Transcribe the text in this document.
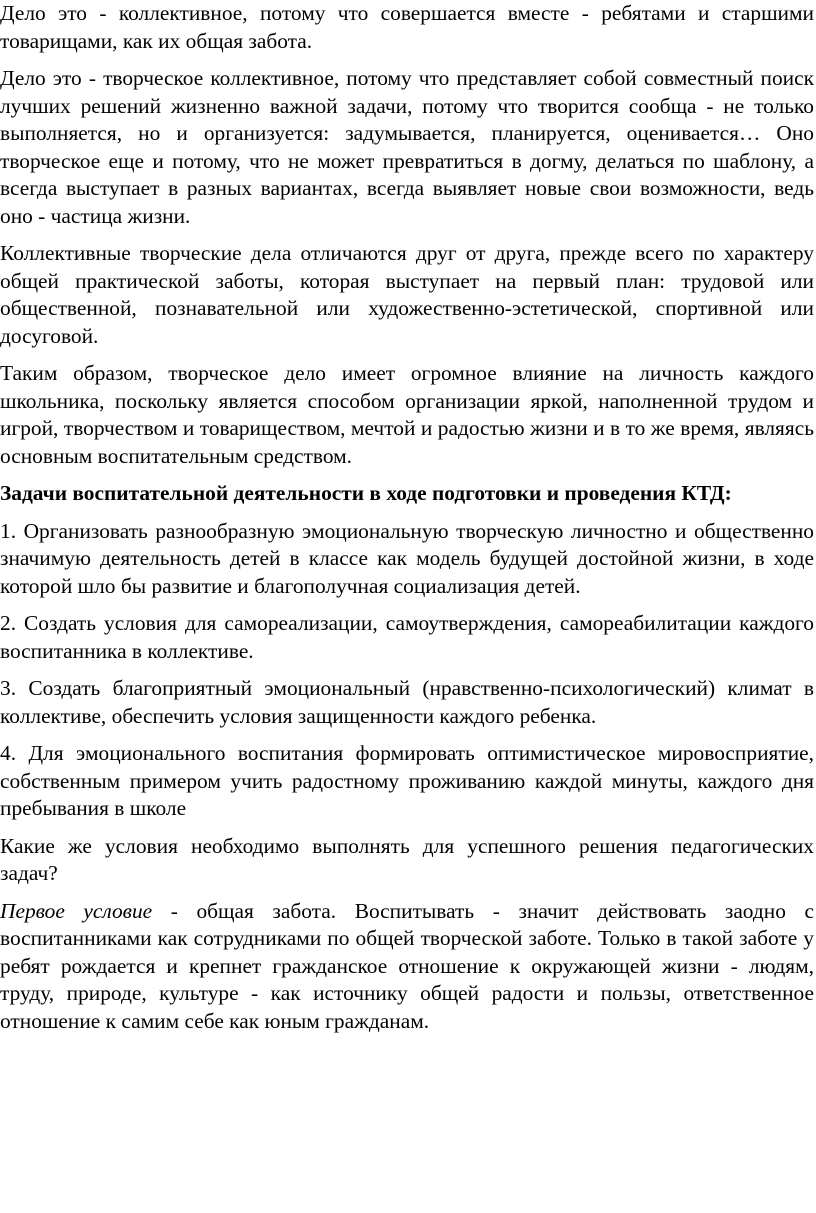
Дело это - коллективное, потому что совершается вместе - ребятами и старшими товарищами, как их общая забота.

Дело это - творческое коллективное, потому что представляет собой совместный поиск лучших решений жизненно важной задачи, потому что творится сообща - не только выполняется, но и организуется: задумывается, планируется, оценивается… Оно творческое еще и потому, что не может превратиться в догму, делаться по шаблону, а всегда выступает в разных вариантах, всегда выявляет новые свои возможности, ведь оно - частица жизни.

Коллективные творческие дела отличаются друг от друга, прежде всего по характеру общей практической заботы, которая выступает на первый план: трудовой или общественной, познавательной или художественно-эстетической, спортивной или досуговой.

Таким образом, творческое дело имеет огромное влияние на личность каждого школьника, поскольку является способом организации яркой, наполненной трудом и игрой, творчеством и товариществом, мечтой и радостью жизни и в то же время, являясь основным воспитательным средством.

Задачи воспитательной деятельности в ходе подготовки и проведения КТД:

1. Организовать разнообразную эмоциональную творческую личностно и общественно значимую деятельность детей в классе как модель будущей достойной жизни, в ходе которой шло бы развитие и благополучная социализация детей.

2. Создать условия для самореализации, самоутверждения, самореабилитации каждого воспитанника в коллективе.

3. Создать благоприятный эмоциональный (нравственно-психологический) климат в коллективе, обеспечить условия защищенности каждого ребенка.

4. Для эмоционального воспитания формировать оптимистическое мировосприятие, собственным примером учить радостному проживанию каждой минуты, каждого дня пребывания в школе

Какие же условия необходимо выполнять для успешного решения педагогических задач?

Первое условие - общая забота. Воспитывать - значит действовать заодно с воспитанниками как сотрудниками по общей творческой заботе. Только в такой заботе у ребят рождается и крепнет гражданское отношение к окружающей жизни - людям, труду, природе, культуре - как источнику общей радости и пользы, ответственное отношение к самим себе как юным гражданам.
